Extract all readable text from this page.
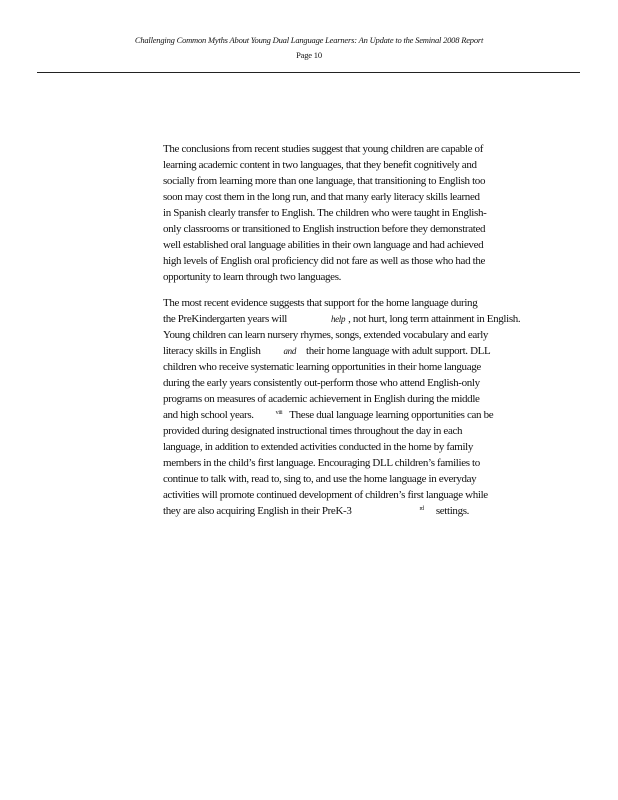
Challenging Common Myths About Young Dual Language Learners: An Update to the Seminal 2008 Report
Page 10
The conclusions from recent studies suggest that young children are capable of
learning academic content in two languages, that they benefit cognitively and
socially from learning more than one language, that transitioning to English too
soon may cost them in the long run, and that many early literacy skills learned
in Spanish clearly transfer to English. The children who were taught in English-
only classrooms or transitioned to English instruction before they demonstrated
well established oral language abilities in their own language and had achieved
high levels of English oral proficiency did not fare as well as those who had the
opportunity to learn through two languages.
The most recent evidence suggests that support for the home language during
the PreKindergarten years will	help , not hurt, long term attainment in English.
Young children can learn nursery rhymes, songs, extended vocabulary and early
literacy skills in English	and their home language with adult support. DLL
children who receive systematic learning opportunities in their home language
during the early years consistently out-perform those who attend English-only
programs on measures of academic achievement in English during the middle
and high school years.	$^{viii}$ These dual language learning opportunities can be
provided during designated instructional times throughout the day in each
language, in addition to extended activities conducted in the home by family
members in the child’s first language. Encouraging DLL children’s families to
continue to talk with, read to, sing to, and use the home language in everyday
activities will promote continued development of children’s first language while
they are also acquiring English in their PreK-3	$^{rd}$ settings.
